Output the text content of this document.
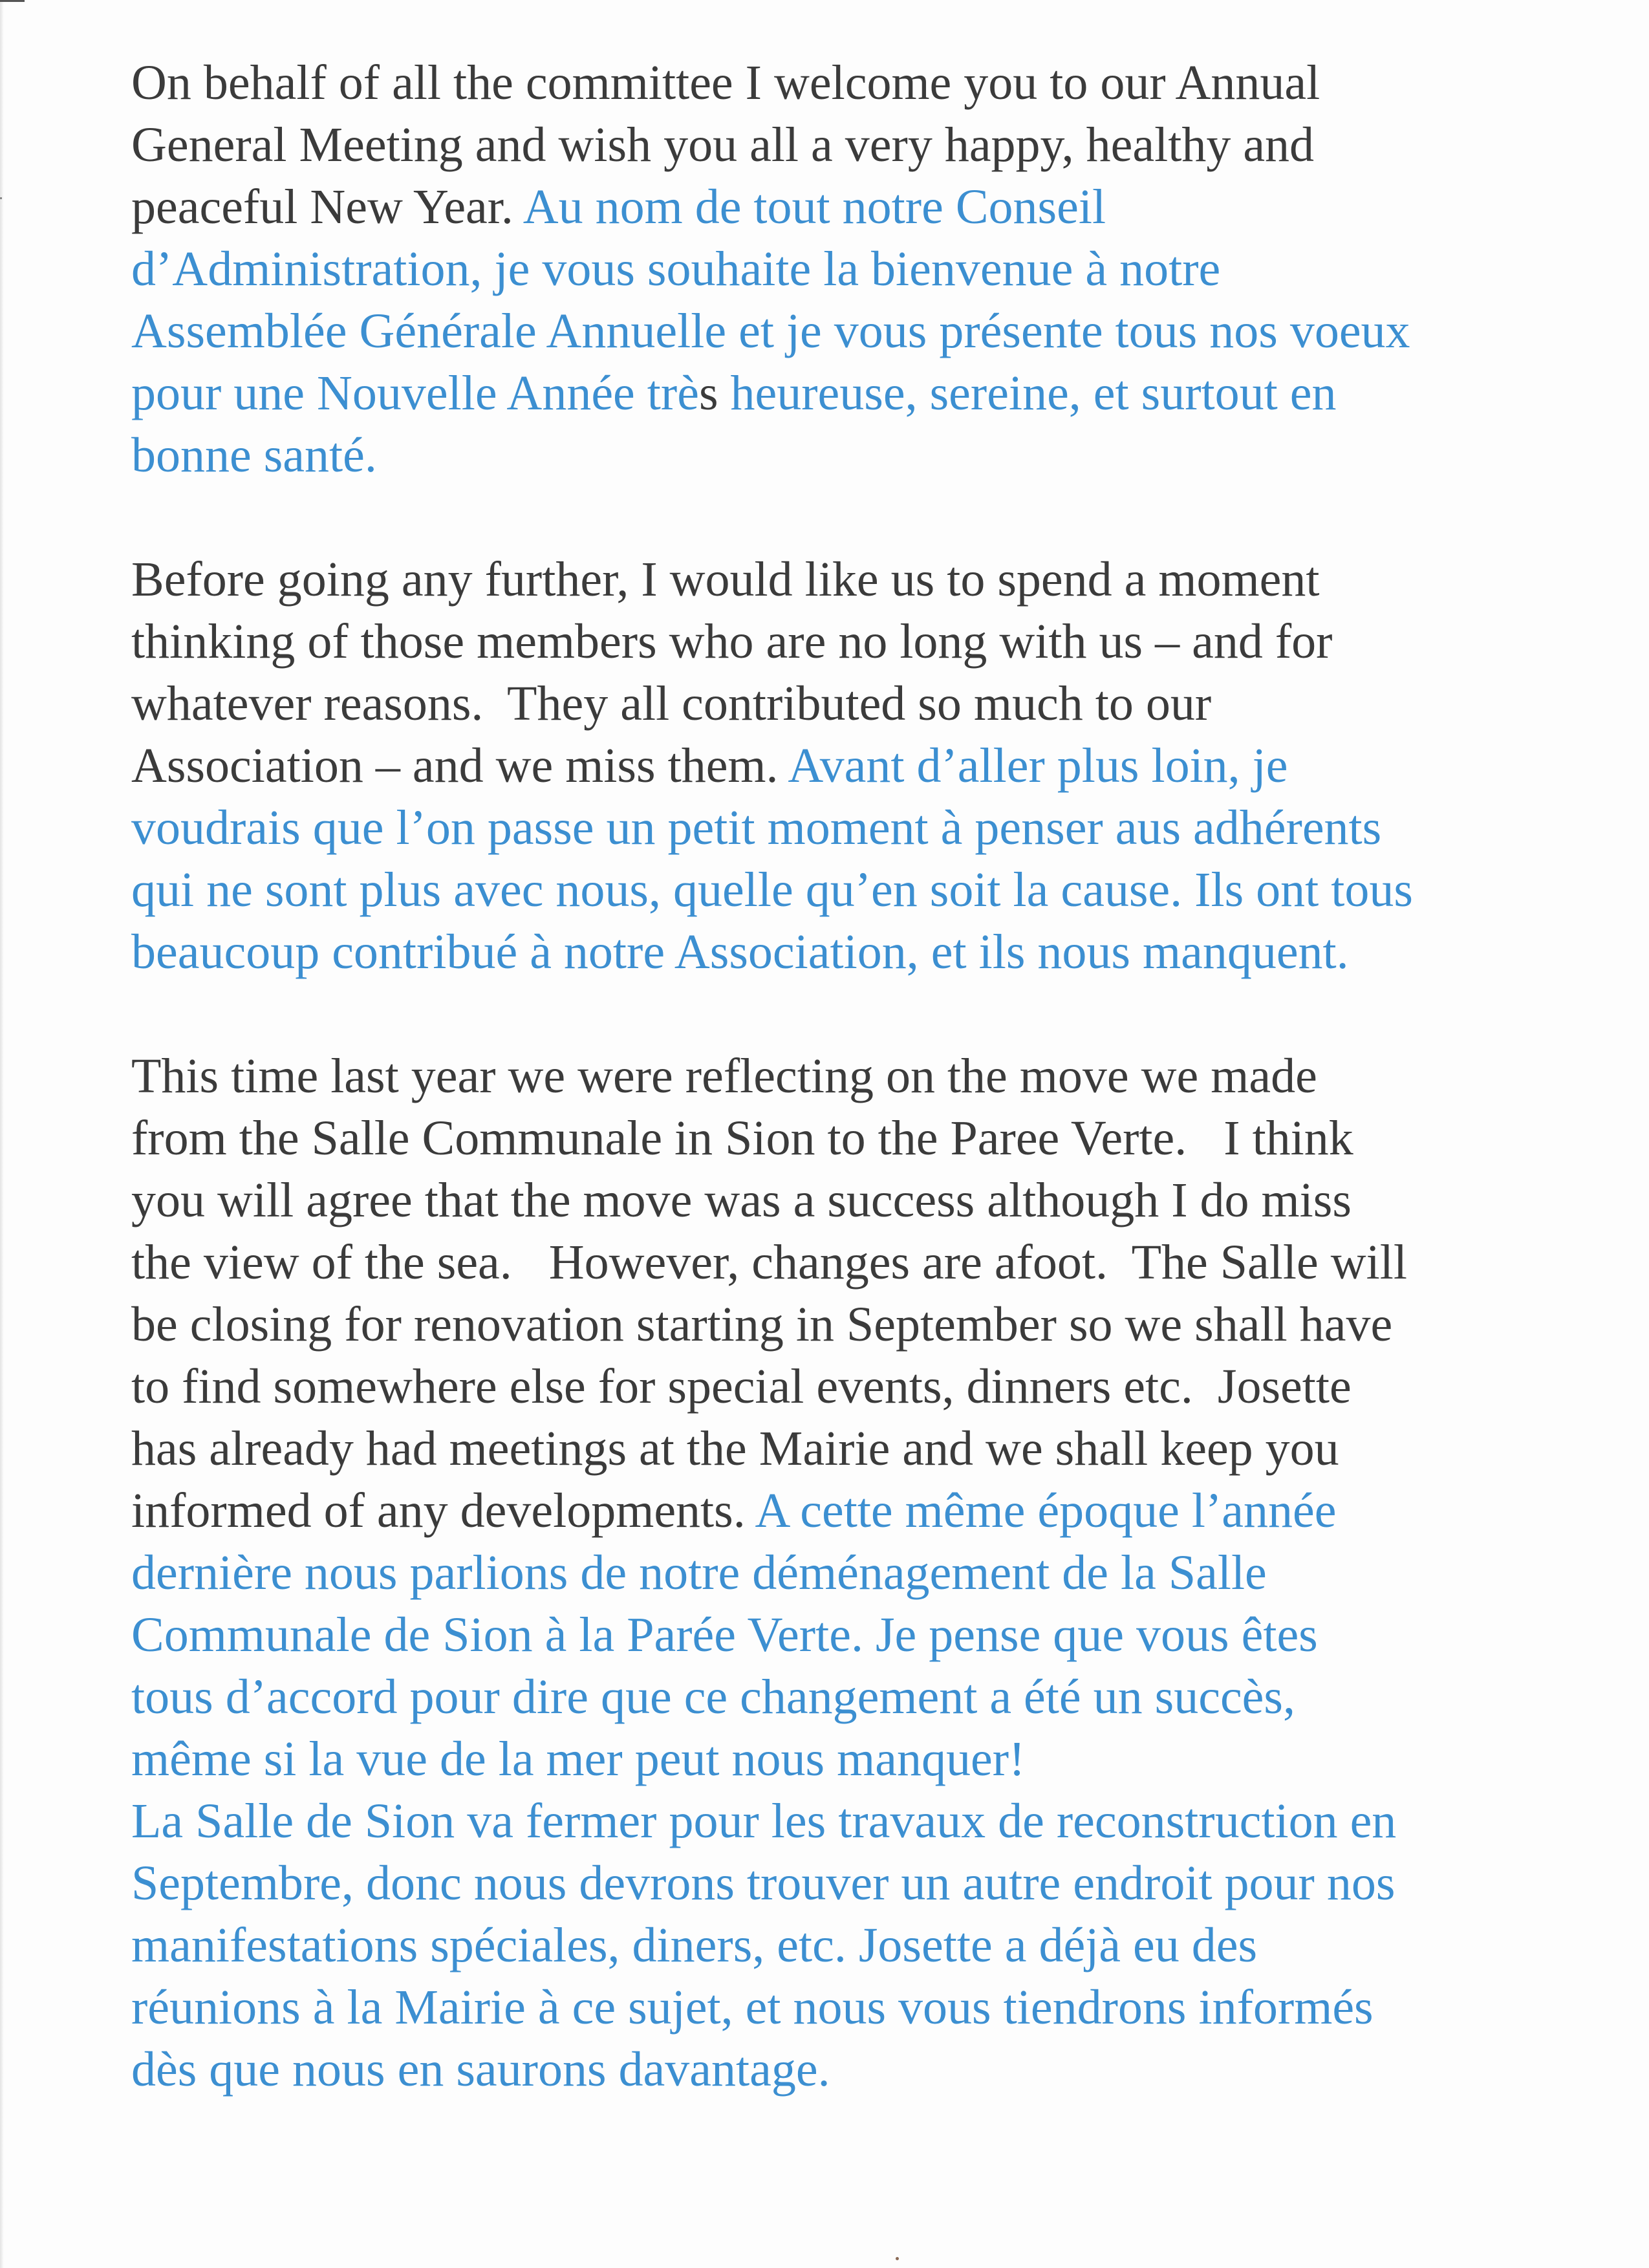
On behalf of all the committee I welcome you to our Annual
General Meeting and wish you all a very happy, healthy and
peaceful New Year. Au nom de tout notre Conseil
d’Administration, je vous souhaite la bienvenue à notre
Assemblée Générale Annuelle et je vous présente tous nos voeux
pour une Nouvelle Année très heureuse, sereine, et surtout en
bonne santé.
Before going any further, I would like us to spend a moment
thinking of those members who are no long with us – and for
whatever reasons.  They all contributed so much to our
Association – and we miss them. Avant d’aller plus loin, je
voudrais que l’on passe un petit moment à penser aus adhérents
qui ne sont plus avec nous, quelle qu’en soit la cause. Ils ont tous
beaucoup contribué à notre Association, et ils nous manquent.
This time last year we were reflecting on the move we made
from the Salle Communale in Sion to the Paree Verte.   I think
you will agree that the move was a success although I do miss
the view of the sea.   However, changes are afoot.  The Salle will
be closing for renovation starting in September so we shall have
to find somewhere else for special events, dinners etc.  Josette
has already had meetings at the Mairie and we shall keep you
informed of any developments. A cette même époque l’année
dernière nous parlions de notre déménagement de la Salle
Communale de Sion à la Parée Verte. Je pense que vous êtes
tous d’accord pour dire que ce changement a été un succès,
même si la vue de la mer peut nous manquer!
La Salle de Sion va fermer pour les travaux de reconstruction en
Septembre, donc nous devrons trouver un autre endroit pour nos
manifestations spéciales, diners, etc. Josette a déjà eu des
réunions à la Mairie à ce sujet, et nous vous tiendrons informés
dès que nous en saurons davantage.
